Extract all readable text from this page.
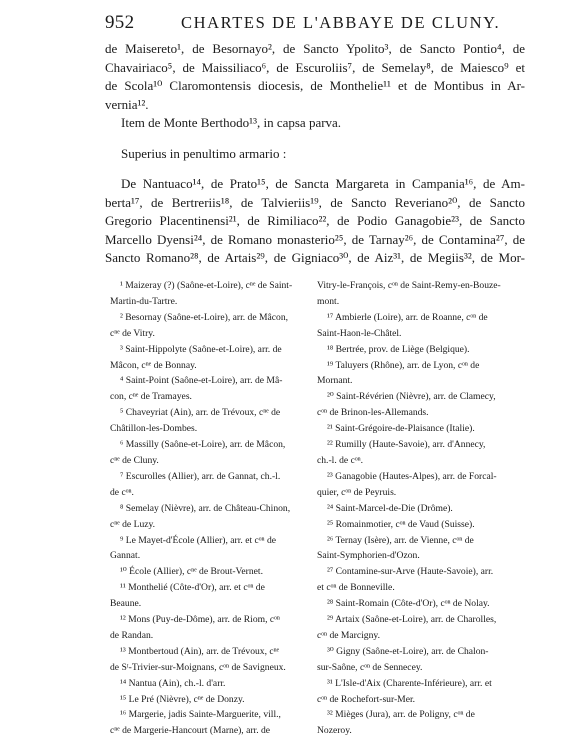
952	CHARTES DE L'ABBAYE DE CLUNY.
de Maisereto¹, de Besornayo², de Sancto Ypolito³, de Sancto Pontio⁴, de
Chavairiaco⁵, de Maissiliaco⁶, de Escuroliis⁷, de Semelay⁸, de Maiesco⁹ et
de Scola¹⁰ Claromontensis diocesis, de Monthelie¹¹ et de Montibus in Ar-
vernia¹².
Item de Monte Berthodo¹³, in capsa parva.
Superius in penultimo armario :
De Nantuaco¹⁴, de Prato¹⁵, de Sancta Margareta in Campania¹⁶, de Am-
berta¹⁷, de Bertreriis¹⁸, de Talvieriis¹⁹, de Sancto Reveriano²⁰, de Sancto
Gregorio Placentinensi²¹, de Rimiliaco²², de Podio Ganagobie²³, de Sancto
Marcello Dyensi²⁴, de Romano monasterio²⁵, de Tarnay²⁶, de Contamina²⁷, de
Sancto Romano²⁸, de Artais²⁹, de Gigniaco³⁰, de Aiz³¹, de Megiis³², de Mor-
¹ Maizeray (?) (Saône-et-Loire), cⁿᵉ de Saint-
Martin-du-Tartre.
² Besornay (Saône-et-Loire), arr. de Mâcon,
cⁿᵉ de Vitry.
³ Saint-Hippolyte (Saône-et-Loire), arr. de
Mâcon, cⁿᵉ de Bonnay.
⁴ Saint-Point (Saône-et-Loire), arr. de Mâ-
con, cⁿᵉ de Tramayes.
⁵ Chaveyriat (Ain), arr. de Trévoux, cⁿᵉ de
Châtillon-les-Dombes.
⁶ Massilly (Saône-et-Loire), arr. de Mâcon,
cⁿᵉ de Cluny.
⁷ Escurolles (Allier), arr. de Gannat, ch.-l.
de cᵒⁿ.
⁸ Semelay (Nièvre), arr. de Château-Chinon,
cⁿᵉ de Luzy.
⁹ Le Mayet-d'École (Allier), arr. et cᵒⁿ de
Gannat.
¹⁰ École (Allier), cⁿᵉ de Brout-Vernet.
¹¹ Monthelié (Côte-d'Or), arr. et cᵒⁿ de
Beaune.
¹² Mons (Puy-de-Dôme), arr. de Riom, cᵒⁿ
de Randan.
¹³ Montbertoud (Ain), arr. de Trévoux, cⁿᵉ
de Sᵗ-Trivier-sur-Moignans, cᵒⁿ de Savigneux.
¹⁴ Nantua (Ain), ch.-l. d'arr.
¹⁵ Le Pré (Nièvre), cⁿᵉ de Donzy.
¹⁶ Margerie, jadis Sainte-Marguerite, vill.,
cⁿᵉ de Margerie-Hancourt (Marne), arr. de
Vitry-le-François, cᵒⁿ de Saint-Remy-en-Bouze-
mont.
¹⁷ Ambierle (Loire), arr. de Roanne, cᵒⁿ de
Saint-Haon-le-Châtel.
¹⁸ Bertrée, prov. de Liège (Belgique).
¹⁹ Taluyers (Rhône), arr. de Lyon, cᵒⁿ de
Mornant.
²⁰ Saint-Révérien (Nièvre), arr. de Clamecy,
cᵒⁿ de Brinon-les-Allemands.
²¹ Saint-Grégoire-de-Plaisance (Italie).
²² Rumilly (Haute-Savoie), arr. d'Annecy,
ch.-l. de cᵒⁿ.
²³ Ganagobie (Hautes-Alpes), arr. de Forcal-
quier, cᵒⁿ de Peyruis.
²⁴ Saint-Marcel-de-Die (Drôme).
²⁵ Romainmotier, cᵒⁿ de Vaud (Suisse).
²⁶ Ternay (Isère), arr. de Vienne, cᵒⁿ de
Saint-Symphorien-d'Ozon.
²⁷ Contamine-sur-Arve (Haute-Savoie), arr.
et cᵒⁿ de Bonneville.
²⁸ Saint-Romain (Côte-d'Or), cᵒⁿ de Nolay.
²⁹ Artaix (Saône-et-Loire), arr. de Charolles,
cᵒⁿ de Marcigny.
³⁰ Gigny (Saône-et-Loire), arr. de Chalon-
sur-Saône, cᵒⁿ de Sennecey.
³¹ L'Isle-d'Aix (Charente-Inférieure), arr. et
cᵒⁿ de Rochefort-sur-Mer.
³² Mièges (Jura), arr. de Poligny, cᵒⁿ de
Nozeroy.
